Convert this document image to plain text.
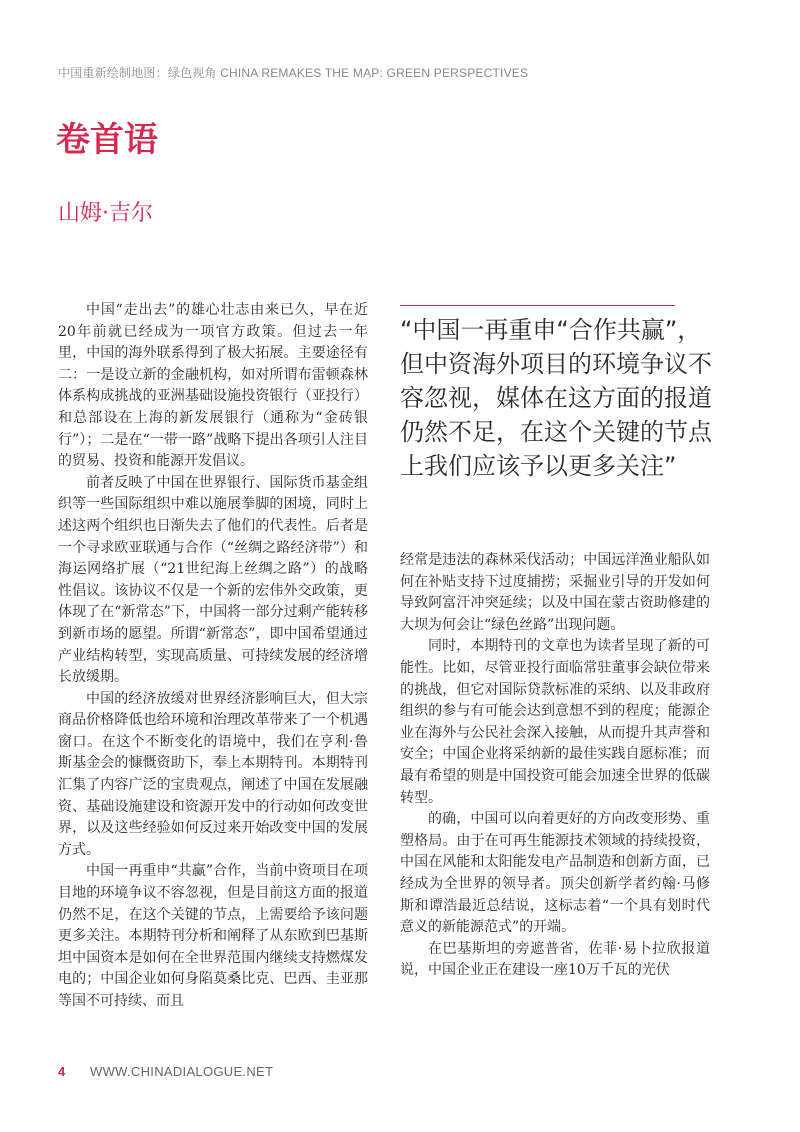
中国重新绘制地图：绿色视角 CHINA REMAKES THE MAP: GREEN PERSPECTIVES
卷首语
山姆·吉尔

中国“走出去”的雄心壮志由来已久，早在近20年前就已经成为一项官方政策。但过去一年里，中国的海外联系得到了极大拓展。主要途径有二：一是设立新的金融机构，如对所谓布雷顿森林体系构成挑战的亚洲基础设施投资银行（亚投行）和总部设在上海的新发展银行（通称为“金砖银行”）；二是在“一带一路”战略下提出各项引人注目的贸易、投资和能源开发倡议。

前者反映了中国在世界银行、国际货币基金组织等一些国际组织中难以施展拳脚的困境，同时上述这两个组织也日渐失去了他们的代表性。后者是一个寻求欧亚联通与合作（“丝绸之路经济带”）和海运网络扩展（“21世纪海上丝绸之路”）的战略性倡议。该协议不仅是一个新的宏伟外交政策，更体现了在“新常态”下，中国将一部分过剩产能转移到新市场的愿望。所谓“新常态”，即中国希望通过产业结构转型，实现高质量、可持续发展的经济增长放缓期。

中国的经济放缓对世界经济影响巨大，但大宗商品价格降低也给环境和治理改革带来了一个机遇窗口。在这个不断变化的语境中，我们在亨利·鲁斯基金会的慷慨资助下，奉上本期特刊。本期特刊汇集了内容广泛的宝贵观点，阐述了中国在发展融资、基础设施建设和资源开发中的行动如何改变世界，以及这些经验如何反过来开始改变中国的发展方式。

中国一再重申“共赢”合作，当前中资项目在项目地的环境争议不容忽视，但是目前这方面的报道仍然不足，在这个关键的节点，上需要给予该问题更多关注。本期特刊分析和阐释了从东欧到巴基斯坦中国资本是如何在全世界范围内继续支持燃煤发电的；中国企业如何身陷莫桑比克、巴西、圭亚那等国不可持续、而且

“中国一再重申“合作共赢”，但中资海外项目的环境争议不容忽视，媒体在这方面的报道仍然不足，在这个关键的节点上我们应该予以更多关注”

经常是违法的森林采伐活动；中国远洋渔业船队如何在补贴支持下过度捕捞；采掘业引导的开发如何导致阿富汗冲突延续；以及中国在蒙古资助修建的大坝为何会让“绿色丝路”出现问题。

同时，本期特刊的文章也为读者呈现了新的可能性。比如，尽管亚投行面临常驻董事会缺位带来的挑战，但它对国际贷款标准的采纳、以及非政府组织的参与有可能会达到意想不到的程度；能源企业在海外与公民社会深入接触，从而提升其声誉和安全；中国企业将采纳新的最佳实践自愿标准；而最有希望的则是中国投资可能会加速全世界的低碳转型。

的确，中国可以向着更好的方向改变形势、重塑格局。由于在可再生能源技术领域的持续投资，中国在风能和太阳能发电产品制造和创新方面，已经成为全世界的领导者。顶尖创新学者约翰·马修斯和谭浩最近总结说，这标志着“一个具有划时代意义的新能源范式”的开端。

在巴基斯坦的旁遮普省，佐菲·易卜拉欣报道说，中国企业正在建设一座10万千瓦的光伏

4 WWW.CHINADIALOGUE.NET
